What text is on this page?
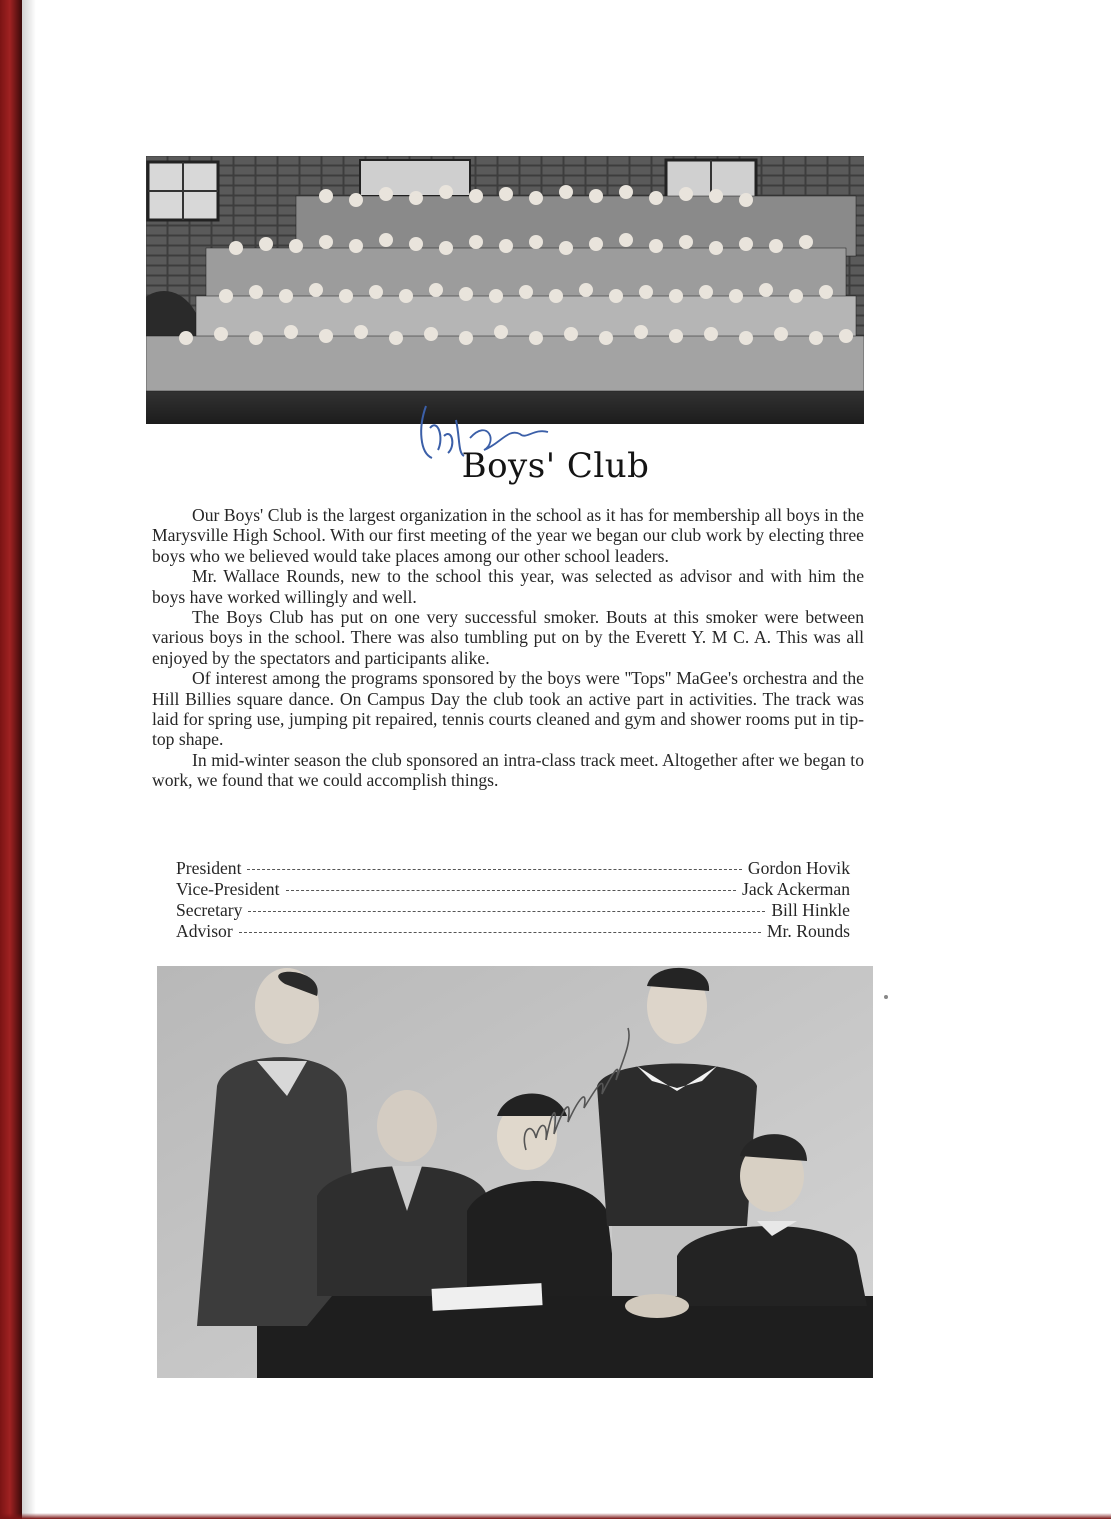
Boys' Club

Our Boys' Club is the largest organization in the school as it has for membership all boys in the Marysville High School. With our first meeting of the year we began our club work by electing three boys who we believed would take places among our other school leaders.

Mr. Wallace Rounds, new to the school this year, was selected as advisor and with him the boys have worked willingly and well.

The Boys Club has put on one very successful smoker. Bouts at this smoker were between various boys in the school. There was also tumbling put on by the Everett Y. M C. A. This was all enjoyed by the spectators and participants alike.

Of interest among the programs sponsored by the boys were ''Tops'' MaGee's orchestra and the Hill Billies square dance. On Campus Day the club took an active part in activities. The track was laid for spring use, jumping pit repaired, tennis courts cleaned and gym and shower rooms put in tip-top shape.

In mid-winter season the club sponsored an intra-class track meet. Altogether after we began to work, we found that we could accomplish things.

President	Gordon Hovik
Vice-President	Jack Ackerman
Secretary	Bill Hinkle
Advisor	Mr. Rounds
